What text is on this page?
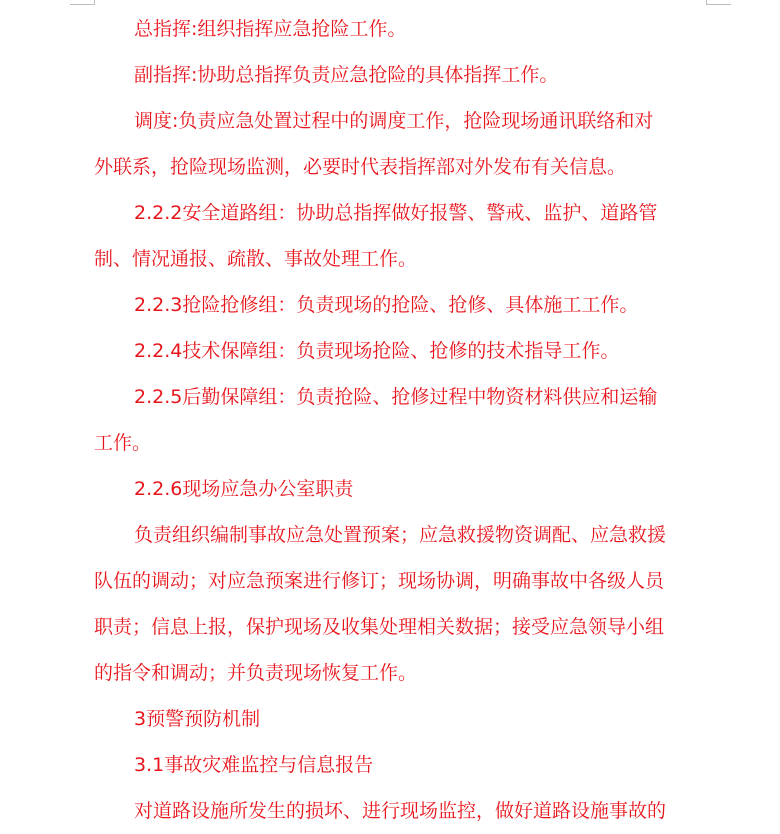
总指挥:组织指挥应急抢险工作。
副指挥:协助总指挥负责应急抢险的具体指挥工作。
调度:负责应急处置过程中的调度工作，抢险现场通讯联络和对
外联系，抢险现场监测，必要时代表指挥部对外发布有关信息。
2.2.2安全道路组：协助总指挥做好报警、警戒、监护、道路管
制、情况通报、疏散、事故处理工作。
2.2.3抢险抢修组：负责现场的抢险、抢修、具体施工工作。
2.2.4技术保障组：负责现场抢险、抢修的技术指导工作。
2.2.5后勤保障组：负责抢险、抢修过程中物资材料供应和运输
工作。
2.2.6现场应急办公室职责
负责组织编制事故应急处置预案；应急救援物资调配、应急救援
队伍的调动；对应急预案进行修订；现场协调，明确事故中各级人员
职责；信息上报，保护现场及收集处理相关数据；接受应急领导小组
的指令和调动；并负责现场恢复工作。
3预警预防机制
3.1事故灾难监控与信息报告
对道路设施所发生的损坏、进行现场监控，做好道路设施事故的
